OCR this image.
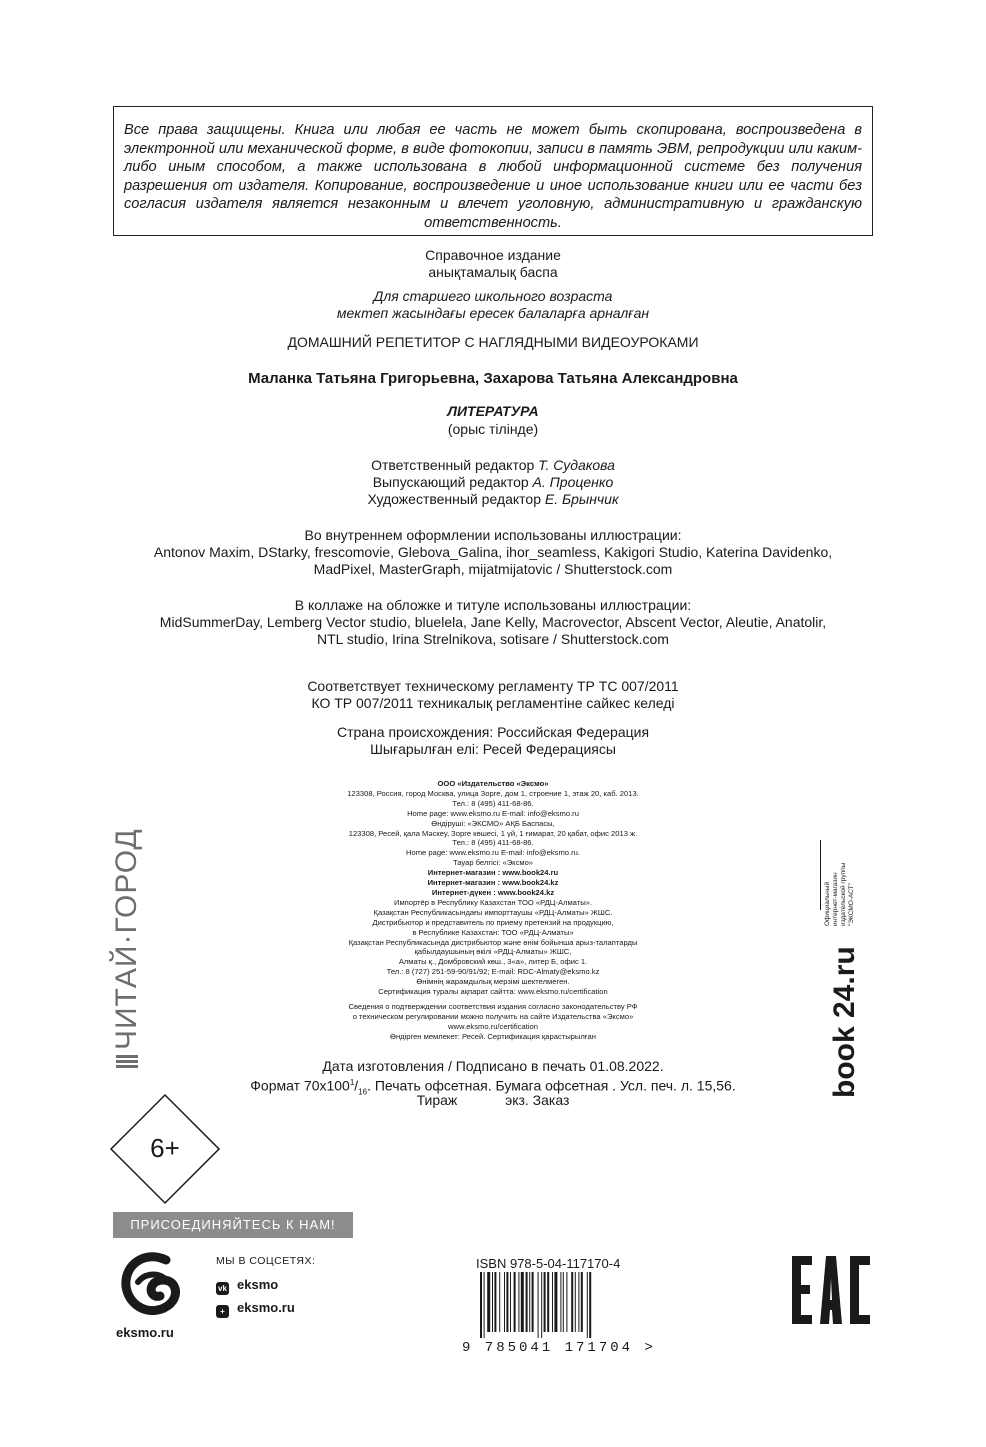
Все права защищены. Книга или любая ее часть не может быть скопирована, воспроизведена в электронной или механической форме, в виде фотокопии, записи в память ЭВМ, репродукции или каким-либо иным способом, а также использована в любой информационной системе без получения разрешения от издателя. Копирование, воспроизведение и иное использование книги или ее части без согласия издателя является незаконным и влечет уголовную, административную и гражданскую ответственность.
Справочное издание
анықтамалық баспа
Для старшего школьного возраста
мектеп жасындағы ересек балаларға арналған
ДОМАШНИЙ РЕПЕТИТОР С НАГЛЯДНЫМИ ВИДЕОУРОКАМИ
Маланка Татьяна Григорьевна, Захарова Татьяна Александровна
ЛИТЕРАТУРА
(орыс тілінде)
Ответственный редактор Т. Судакова
Выпускающий редактор А. Проценко
Художественный редактор Е. Брынчик
Во внутреннем оформлении использованы иллюстрации:
Antonov Maxim, DStarky, frescomovie, Glebova_Galina, ihor_seamless, Kakigori Studio, Katerina Davidenko,
MadPixel, MasterGraph, mijatmijatovic / Shutterstock.com
В коллаже на обложке и титуле использованы иллюстрации:
MidSummerDay, Lemberg Vector studio, bluelela, Jane Kelly, Macrovector, Abscent Vector, Aleutie, Anatolir,
NTL studio, Irina Strelnikova, sotisare / Shutterstock.com
Соответствует техническому регламенту ТР ТС 007/2011
КО ТР 007/2011 техникалық регламентіне сайкес келеді
Страна происхождения: Российская Федерация
Шығарылған елі: Ресей Федерациясы
ООО «Издательство «Эксмо»
123308, Россия, город Москва, улица Зорге, дом 1, строение 1, этаж 20, каб. 2013.
Тел.: 8 (495) 411-68-86.
Home page: www.eksmo.ru E-mail: info@eksmo.ru
Өндіруші: «ЭКСМО» АҚБ Баспасы,
123308, Ресей, қала Мәскеу, Зорге көшесі, 1 үй, 1 ғимарат, 20 қабат, офис 2013 ж.
Тел.: 8 (495) 411-68-86.
Home page: www.eksmo.ru E-mail: info@eksmo.ru.
Тауар белгісі: «Эксмо»
Интернет-магазин : www.book24.ru
Интернет-магазин : www.book24.kz
Интернет-дүкен : www.book24.kz
Импортёр в Республику Казахстан ТОО «РДЦ-Алматы».
Қазақстан Республикасындағы импорттаушы «РДЦ-Алматы» ЖШС.
Дистрибьютор и представитель по приему претензий на продукцию,
в Республике Казахстан: ТОО «РДЦ-Алматы»
Қазақстан Республикасында дистрибьютор және өнім бойынша арыз-талаптарды
қабылдаушының өкілі «РДЦ-Алматы» ЖШС,
Алматы қ., Домбровский көш., 3«а», литер Б, офис 1.
Тел.: 8 (727) 251-59-90/91/92; E-mail: RDC-Almaty@eksmo.kz
Өнімнің жарамдылық мерзімі шектелмеген.
Сертификация туралы ақпарат сайтта: www.eksmo.ru/certification
Сведения о подтверждении соответствия издания согласно законодательству РФ
о техническом регулировании можно получить на сайте Издательства «Эксмо»
www.eksmo.ru/certification
Өндірген мемлекет: Ресей. Сертификация қарастырылған
Дата изготовления / Подписано в печать 01.08.2022.
Формат $70x100^1/_{16}$. Печать офсетная. Бумага офсетная . Усл. печ. л. 15,56.
Тираж	экз. Заказ
ЧИТАЙ·ГОРОД
6+
ПРИСОЕДИНЯЙТЕСЬ К НАМ!
eksmo.ru
МЫ В СОЦСЕТЯХ:
vk eksmo
+ eksmo.ru
ISBN 978-5-04-117170-4
9 785041 171704 >
book 24.ru
Официальный интернет-магазин издательской группы "ЭКСМО-АСТ"
